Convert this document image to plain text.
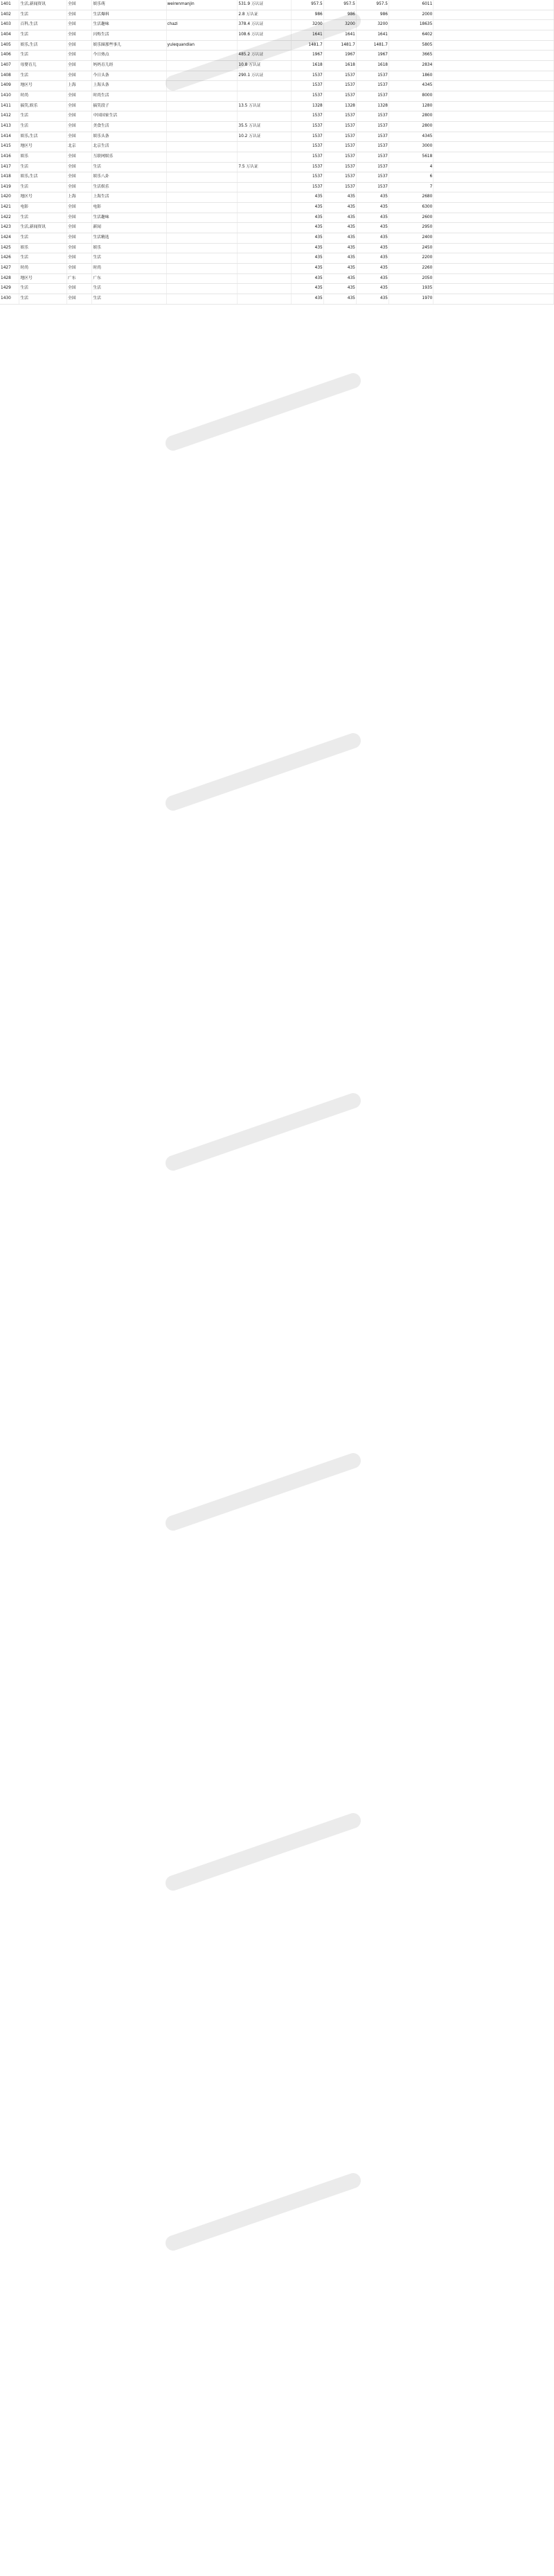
1401	生活,新闻资讯	全国	娱乐萌	weirenmanjin	531.9 万认证	957.5	957.5	957.5	6011	
1402	生活	全国	生活爆料		2.8 万认证	986	986	986	2000	
1403	百科,生活	全国	生活趣味	chazi	378.4 万认证	3200	3200	3200	18635	
1404	生活	全国	闪烁生活		108.6 万认证	1641	1641	1641	6402	
1405	娱乐,生活	全国	娱乐圈那些事儿	yulequandian		1481.7	1481.7	1481.7	5805	
1406	生活	全国	今日热点		485.2 万认证	1967	1967	1967	3665	
1407	母婴育儿	全国	妈妈育儿经		10.8 万认证	1618	1618	1618	2834	
1408	生活	全国	今日头条		290.1 万认证	1537	1537	1537	1860	
1409	地区号	上海	上海头条			1537	1537	1537	4345	
1410	时尚	全国	时尚生活			1537	1537	1537	8000	
1411	搞笑,娱乐	全国	搞笑段子		13.5 万认证	1328	1328	1328	1280	
1412	生活	全国	中国国家生活			1537	1537	1537	2800	
1413	生活	全国	美食生活		35.5 万认证	1537	1537	1537	2800	
1414	娱乐,生活	全国	娱乐头条		10.2 万认证	1537	1537	1537	4345	
1415	地区号	北京	北京生活			1537	1537	1537	3000	
1416	娱乐	全国	互联网娱乐			1537	1537	1537	5618	
1417	生活	全国	生活		7.5 万认证	1537	1537	1537	4	
1418	娱乐,生活	全国	娱乐八卦			1537	1537	1537	6	
1419	生活	全国	生活娱乐			1537	1537	1537	7	
1420	地区号	上海	上海生活			435	435	435	2680	
1421	电影	全国	电影			435	435	435	6300	
1422	生活	全国	生活趣味			435	435	435	2600	
1423	生活,新闻资讯	全国	新闻			435	435	435	2950	
1424	生活	全国	生活精选			435	435	435	2400	
1425	娱乐	全国	娱乐			435	435	435	2450	
1426	生活	全国	生活			435	435	435	2200	
1427	时尚	全国	时尚			435	435	435	2260	
1428	地区号	广东	广东			435	435	435	2050	
1429	生活	全国	生活			435	435	435	1935	
1430	生活	全国	生活			435	435	435	1970	
